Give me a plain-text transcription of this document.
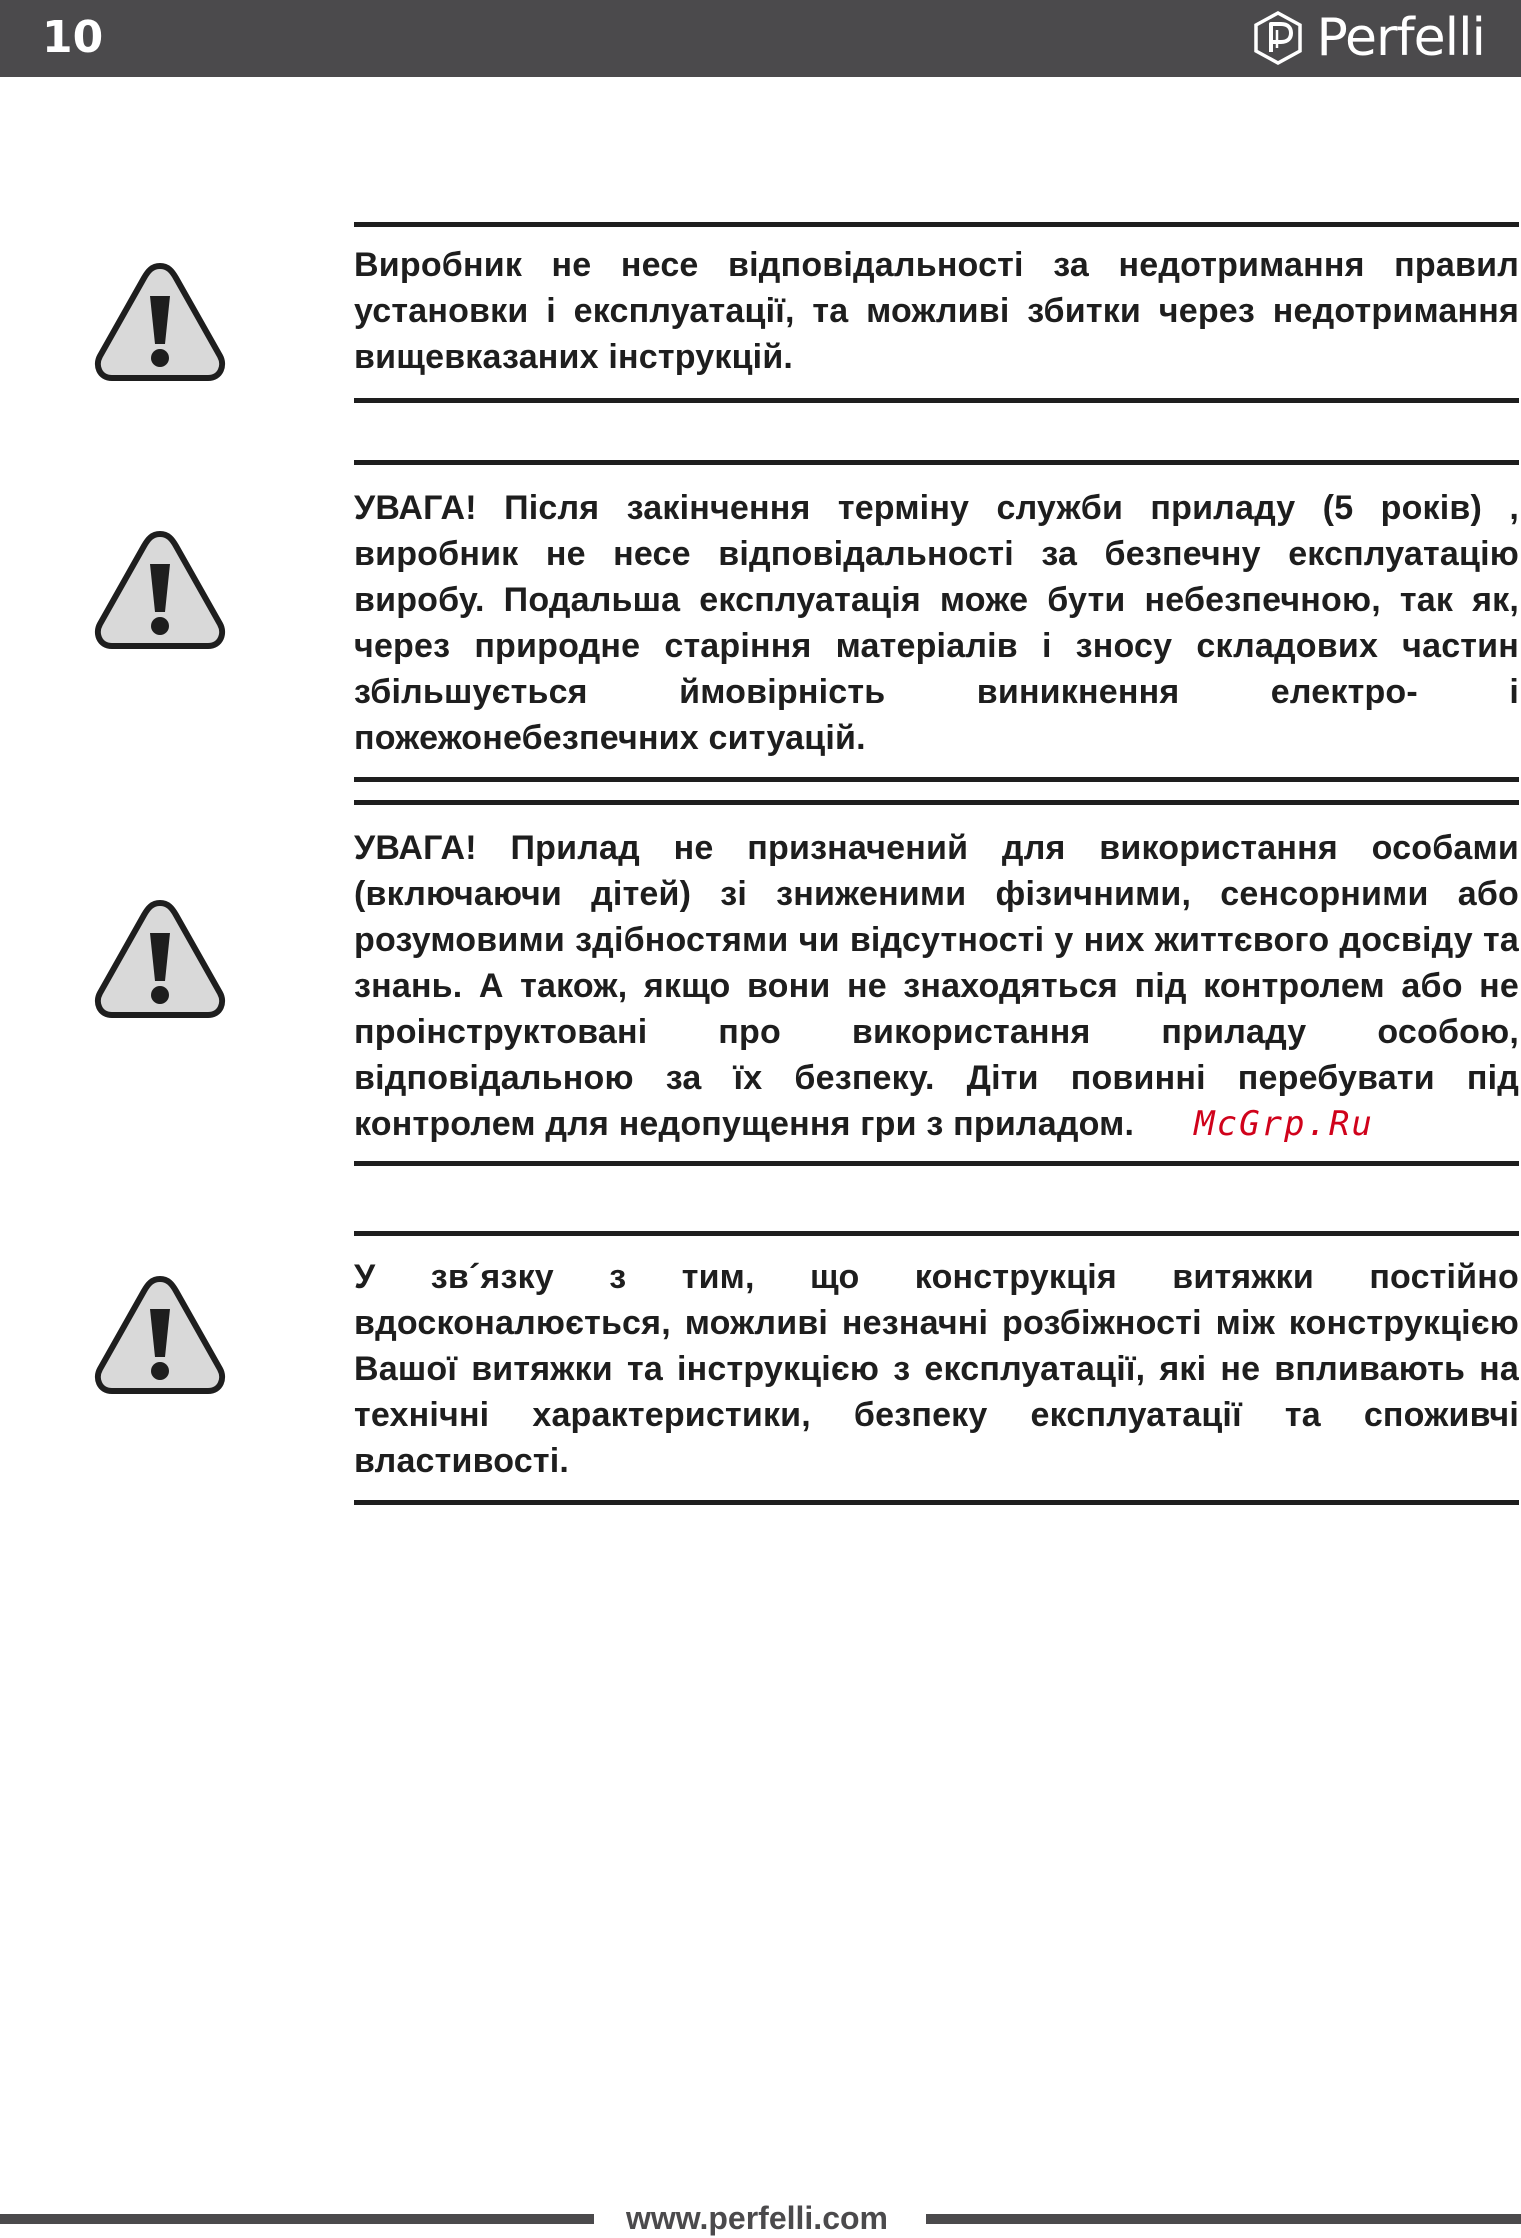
10	Perfelli

Виробник не несе відповідальності за недотримання правил установки і експлуатації, та можливі збитки через недотримання вищевказаних інструкцій.

УВАГА! Після закінчення терміну служби приладу (5 років) , виробник не несе відповідальності за безпечну експлуатацію виробу. Подальша експлуатація може бути небезпечною, так як, через природне старіння матеріалів і зносу складових частин збільшується ймовірність виникнення електро- і пожежонебезпечних ситуацій.

УВАГА! Прилад не призначений для використання особами (включаючи дітей) зі зниженими фізичними, сенсорними або розумовими здібностями чи відсутності у них життєвого досвіду та знань. А також, якщо вони не знаходяться під контролем або не проінструктовані про використання приладу особою, відповідальною за їх безпеку. Діти повинні перебувати під контролем для недопущення гри з приладом. McGrp.Ru

У зв´язку з тим, що конструкція витяжки постійно вдосконалюється, можливі незначні розбіжності між конструкцією Вашої витяжки та інструкцією з експлуатації, які не впливають на технічні характеристики, безпеку експлуатації та споживчі властивості.

www.perfelli.com
